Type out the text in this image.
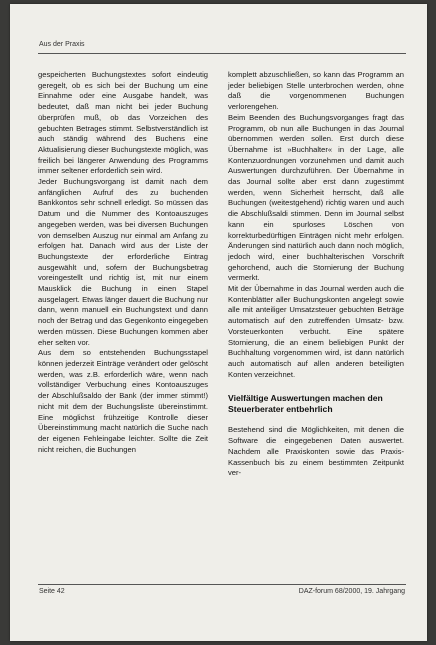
Aus der Praxis

gespeicherten Buchungstextes sofort eindeutig geregelt, ob es sich bei der Buchung um eine Einnahme oder eine Ausgabe handelt, was bedeutet, daß man nicht bei jeder Buchung überprüfen muß, ob das Vorzeichen des gebuchten Betrages stimmt. Selbstverständlich ist auch ständig während des Buchens eine Aktualisierung dieser Buchungstexte möglich, was freilich bei längerer Anwendung des Programms immer seltener erforderlich sein wird.

Jeder Buchungsvorgang ist damit nach dem anfänglichen Aufruf des zu buchenden Bankkontos sehr schnell erledigt. So müssen das Datum und die Nummer des Kontoauszuges angegeben werden, was bei diversen Buchungen von demselben Auszug nur einmal am Anfang zu erfolgen hat. Danach wird aus der Liste der Buchungstexte der erforderliche Eintrag ausgewählt und, sofern der Buchungsbetrag voreingestellt und richtig ist, mit nur einem Mausklick die Buchung in einen Stapel ausgelagert. Etwas länger dauert die Buchung nur dann, wenn manuell ein Buchungstext und dann noch der Betrag und das Gegenkonto eingegeben werden müssen. Diese Buchungen kommen aber eher selten vor.

Aus dem so entstehenden Buchungsstapel können jederzeit Einträge verändert oder gelöscht werden, was z.B. erforderlich wäre, wenn nach vollständiger Verbuchung eines Kontoauszuges der Abschlußsaldo der Bank (der immer stimmt!) nicht mit dem der Buchungsliste übereinstimmt. Eine möglichst frühzeitige Kontrolle dieser Übereinstimmung macht natürlich die Suche nach der eigenen Fehleingabe leichter. Sollte die Zeit nicht reichen, die Buchungen

komplett abzuschließen, so kann das Programm an jeder beliebigen Stelle unterbrochen werden, ohne daß die vorgenommenen Buchungen verlorengehen.

Beim Beenden des Buchungsvorganges fragt das Programm, ob nun alle Buchungen in das Journal übernommen werden sollen. Erst durch diese Übernahme ist »Buchhalter« in der Lage, alle Kontenzuordnungen vorzunehmen und damit auch Auswertungen durchzuführen. Der Übernahme in das Journal sollte aber erst dann zugestimmt werden, wenn Sicherheit herrscht, daß alle Buchungen (weitestgehend) richtig waren und auch die Abschlußsaldi stimmen. Denn im Journal selbst kann ein spurloses Löschen von korrekturbedürftigen Einträgen nicht mehr erfolgen. Änderungen sind natürlich auch dann noch möglich, jedoch wird, einer buchhalterischen Vorschrift gehorchend, auch die Stornierung der Buchung vermerkt.

Mit der Übernahme in das Journal werden auch die Kontenblätter aller Buchungskonten angelegt sowie alle mit anteiliger Umsatzsteuer gebuchten Beträge automatisch auf den zutreffenden Umsatz- bzw. Vorsteuerkonten verbucht. Eine spätere Stornierung, die an einem beliebigen Punkt der Buchhaltung vorgenommen wird, ist dann natürlich auch automatisch auf allen anderen beteiligten Konten verzeichnet.

Vielfältige Auswertungen machen den Steuerberater entbehrlich

Bestehend sind die Möglichkeiten, mit denen die Software die eingegebenen Daten auswertet. Nachdem alle Praxiskonten sowie das Praxis-Kassenbuch bis zu einem bestimmten Zeitpunkt ver-

Seite 42	DAZ-forum 68/2000, 19. Jahrgang
